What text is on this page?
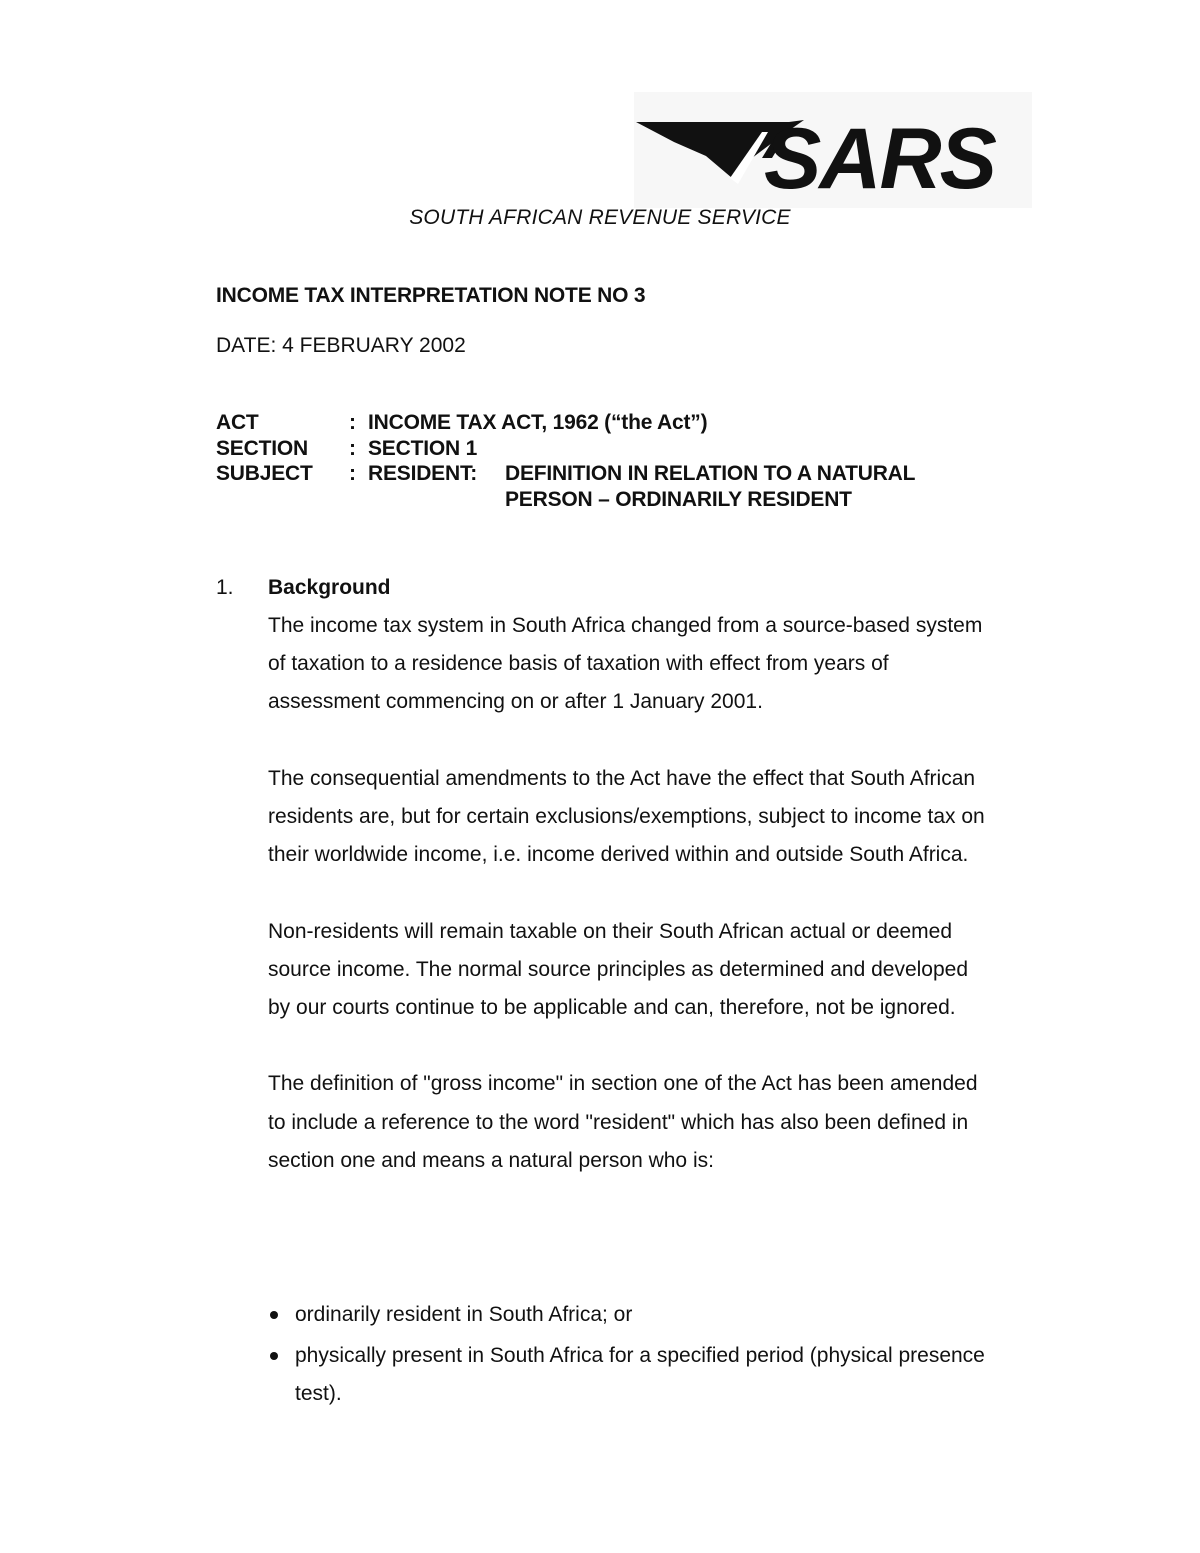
SARS
SOUTH AFRICAN REVENUE SERVICE
INCOME TAX INTERPRETATION NOTE NO 3
DATE: 4 FEBRUARY 2002
ACT	: INCOME TAX ACT, 1962 (“the Act”)
SECTION : SECTION 1
SUBJECT : RESIDENT: DEFINITION IN RELATION TO A NATURAL
PERSON – ORDINARILY RESIDENT
1. Background

The income tax system in South Africa changed from a source-based system of taxation to a residence basis of taxation with effect from years of assessment commencing on or after 1 January 2001.

The consequential amendments to the Act have the effect that South African residents are, but for certain exclusions/exemptions, subject to income tax on their worldwide income, i.e. income derived within and outside South Africa.

Non-residents will remain taxable on their South African actual or deemed source income. The normal source principles as determined and developed by our courts continue to be applicable and can, therefore, not be ignored.

The definition of "gross income" in section one of the Act has been amended to include a reference to the word "resident" which has also been defined in section one and means a natural person who is:

ordinarily resident in South Africa; or
physically present in South Africa for a specified period (physical presence test).
